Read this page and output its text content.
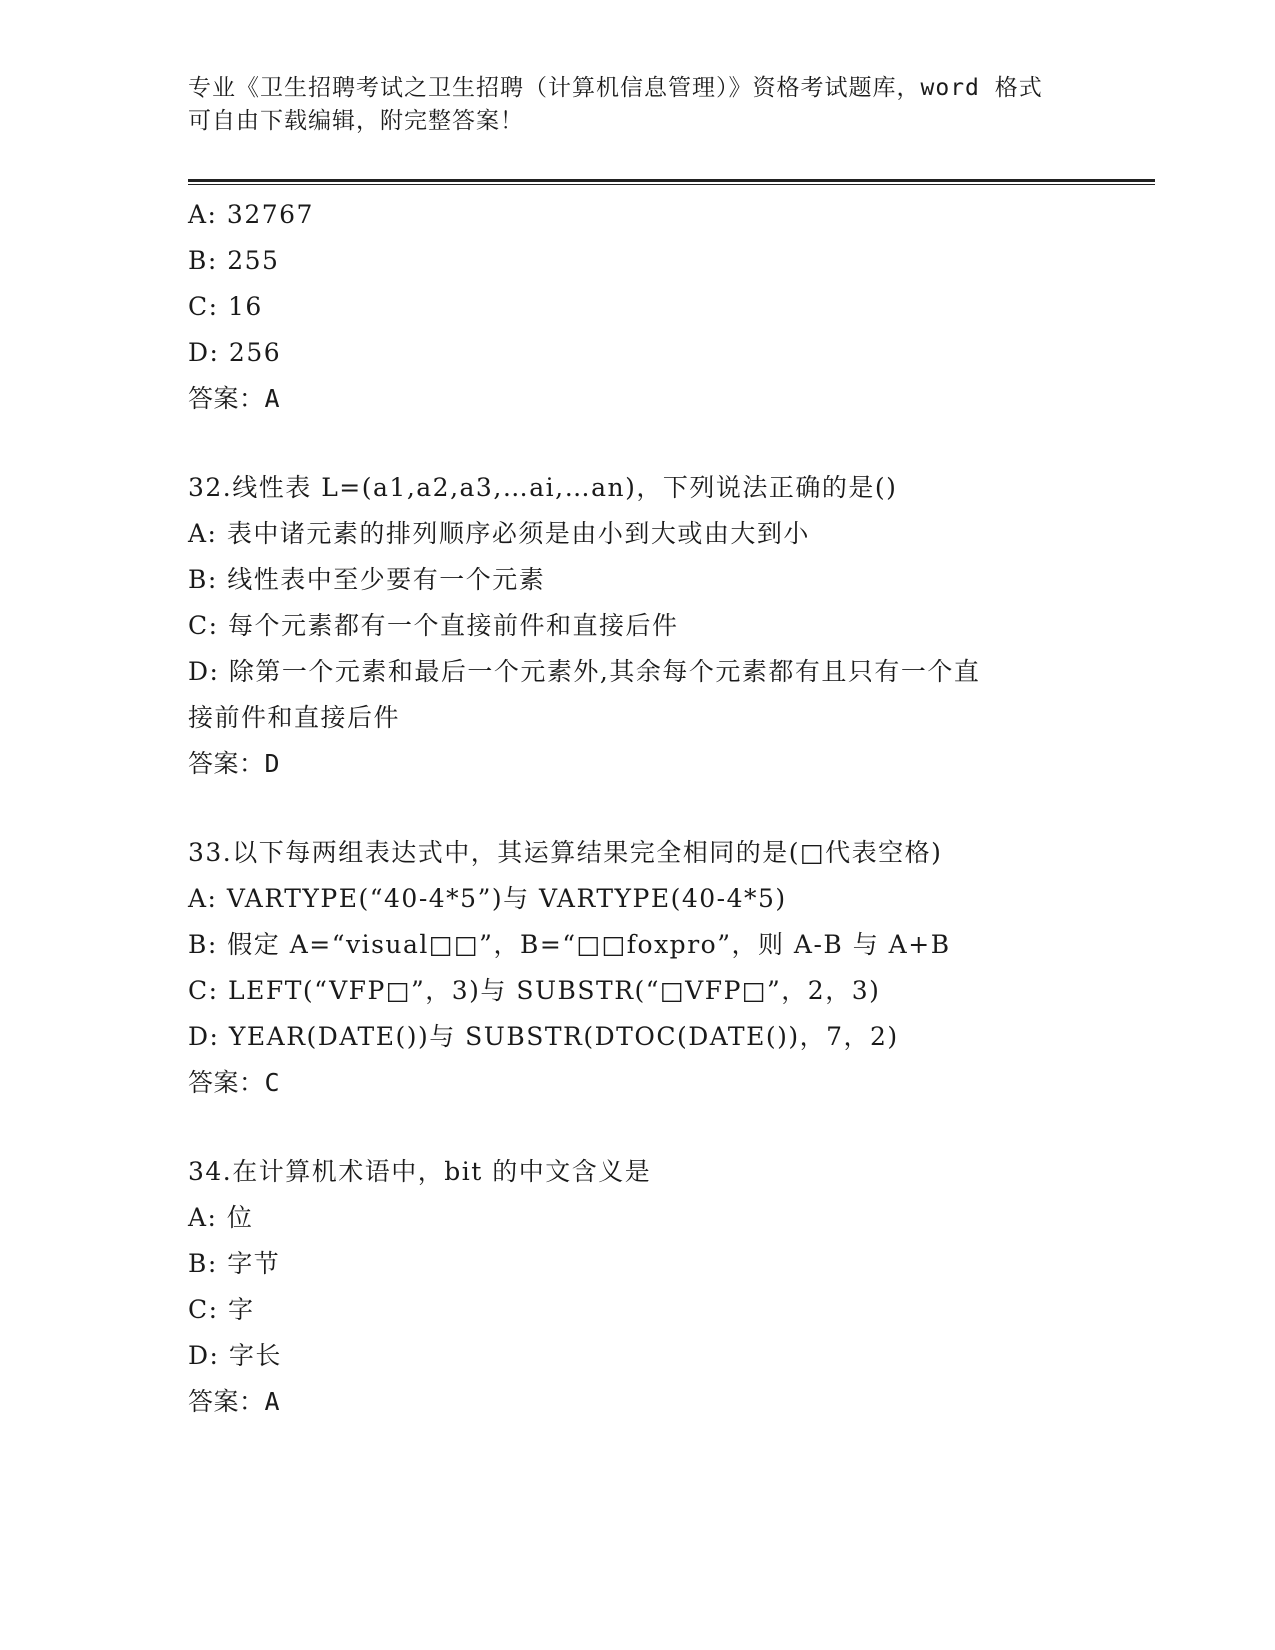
专业《卫生招聘考试之卫生招聘（计算机信息管理）》资格考试题库，word 格式
可自由下载编辑，附完整答案！
A: 32767
B: 255
C: 16
D: 256
答案：A
32.线性表 L=(a1,a2,a3,…ai,…an)，下列说法正确的是()
A: 表中诸元素的排列顺序必须是由小到大或由大到小
B: 线性表中至少要有一个元素
C: 每个元素都有一个直接前件和直接后件
D: 除第一个元素和最后一个元素外,其余每个元素都有且只有一个直
接前件和直接后件
答案：D
33.以下每两组表达式中，其运算结果完全相同的是(□代表空格)
A: VARTYPE(“40-4*5”)与 VARTYPE(40-4*5)
B: 假定 A=“visual□□”，B=“□□foxpro”，则 A-B 与 A+B
C: LEFT(“VFP□”，3)与 SUBSTR(“□VFP□”，2，3)
D: YEAR(DATE())与 SUBSTR(DTOC(DATE())，7，2)
答案：C
34.在计算机术语中，bit 的中文含义是
A: 位
B: 字节
C: 字
D: 字长
答案：A
